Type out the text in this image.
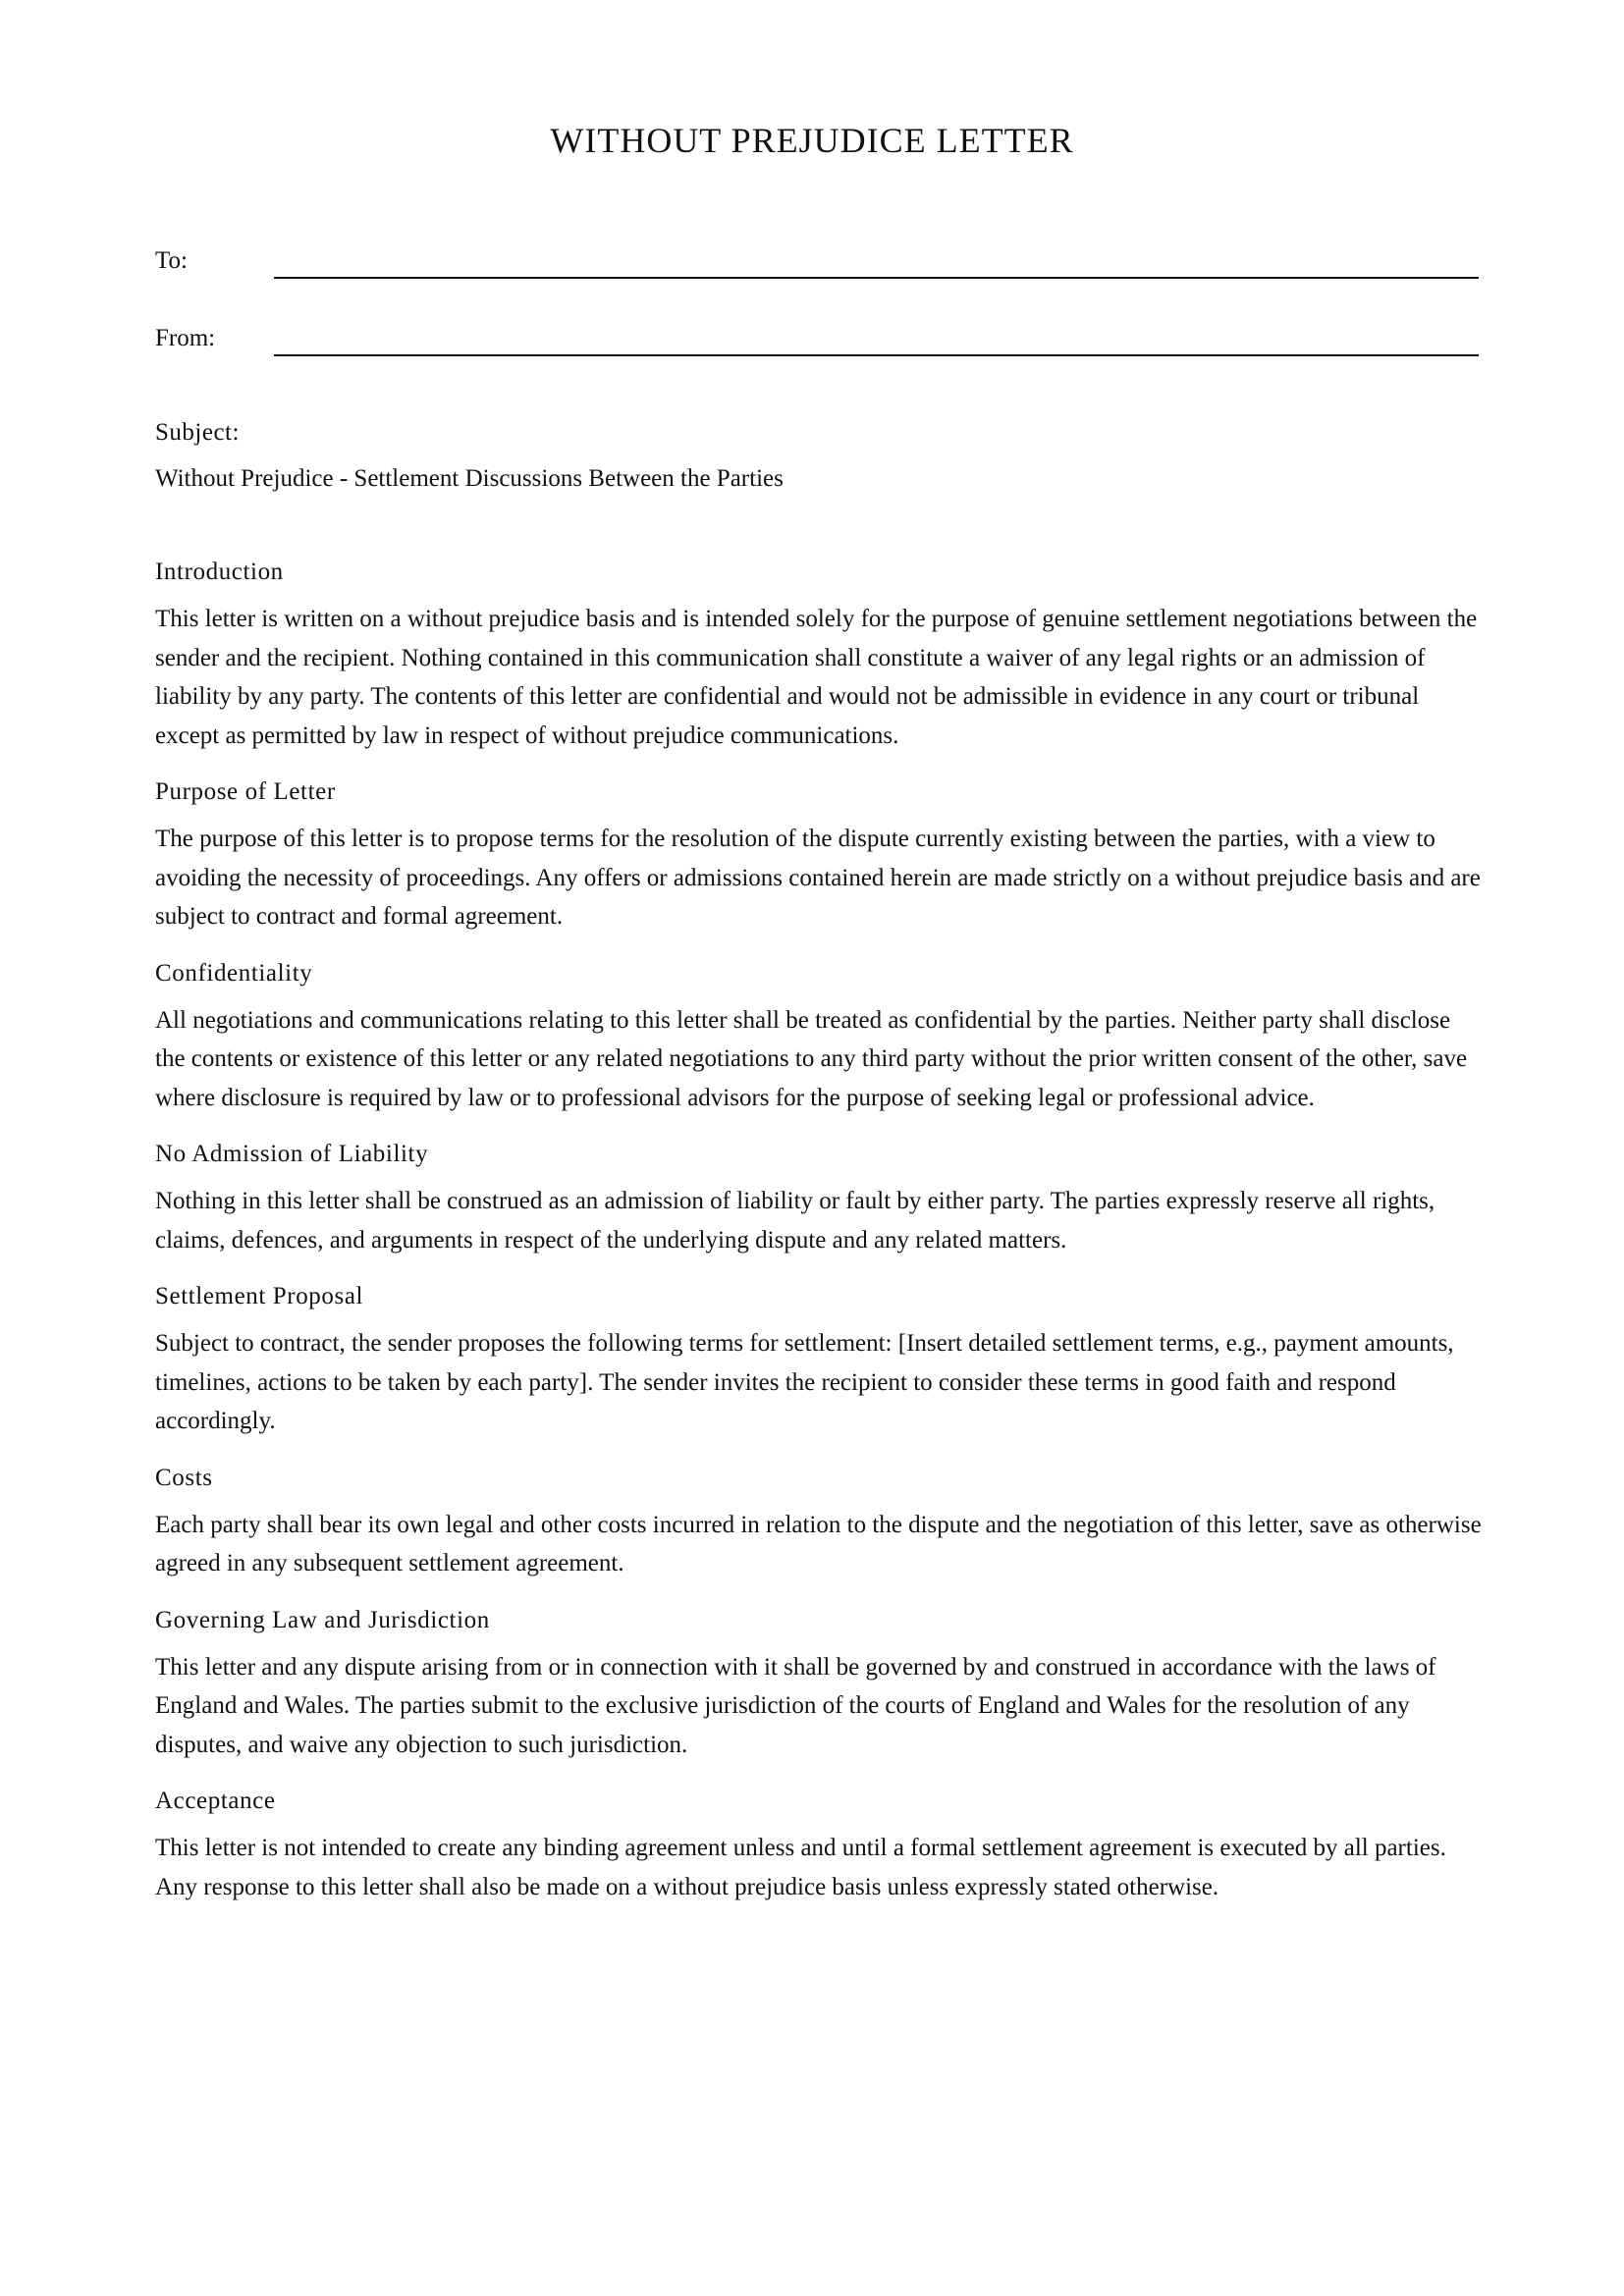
WITHOUT PREJUDICE LETTER
To:
From:
Subject:
Without Prejudice - Settlement Discussions Between the Parties
Introduction

This letter is written on a without prejudice basis and is intended solely for the purpose of genuine settlement negotiations between the sender and the recipient. Nothing contained in this communication shall constitute a waiver of any legal rights or an admission of liability by any party. The contents of this letter are confidential and would not be admissible in evidence in any court or tribunal except as permitted by law in respect of without prejudice communications.

Purpose of Letter

The purpose of this letter is to propose terms for the resolution of the dispute currently existing between the parties, with a view to avoiding the necessity of proceedings. Any offers or admissions contained herein are made strictly on a without prejudice basis and are subject to contract and formal agreement.

Confidentiality

All negotiations and communications relating to this letter shall be treated as confidential by the parties. Neither party shall disclose the contents or existence of this letter or any related negotiations to any third party without the prior written consent of the other, save where disclosure is required by law or to professional advisors for the purpose of seeking legal or professional advice.

No Admission of Liability

Nothing in this letter shall be construed as an admission of liability or fault by either party. The parties expressly reserve all rights, claims, defences, and arguments in respect of the underlying dispute and any related matters.

Settlement Proposal

Subject to contract, the sender proposes the following terms for settlement: [Insert detailed settlement terms, e.g., payment amounts, timelines, actions to be taken by each party]. The sender invites the recipient to consider these terms in good faith and respond accordingly.

Costs

Each party shall bear its own legal and other costs incurred in relation to the dispute and the negotiation of this letter, save as otherwise agreed in any subsequent settlement agreement.

Governing Law and Jurisdiction

This letter and any dispute arising from or in connection with it shall be governed by and construed in accordance with the laws of England and Wales. The parties submit to the exclusive jurisdiction of the courts of England and Wales for the resolution of any disputes, and waive any objection to such jurisdiction.

Acceptance

This letter is not intended to create any binding agreement unless and until a formal settlement agreement is executed by all parties. Any response to this letter shall also be made on a without prejudice basis unless expressly stated otherwise.
